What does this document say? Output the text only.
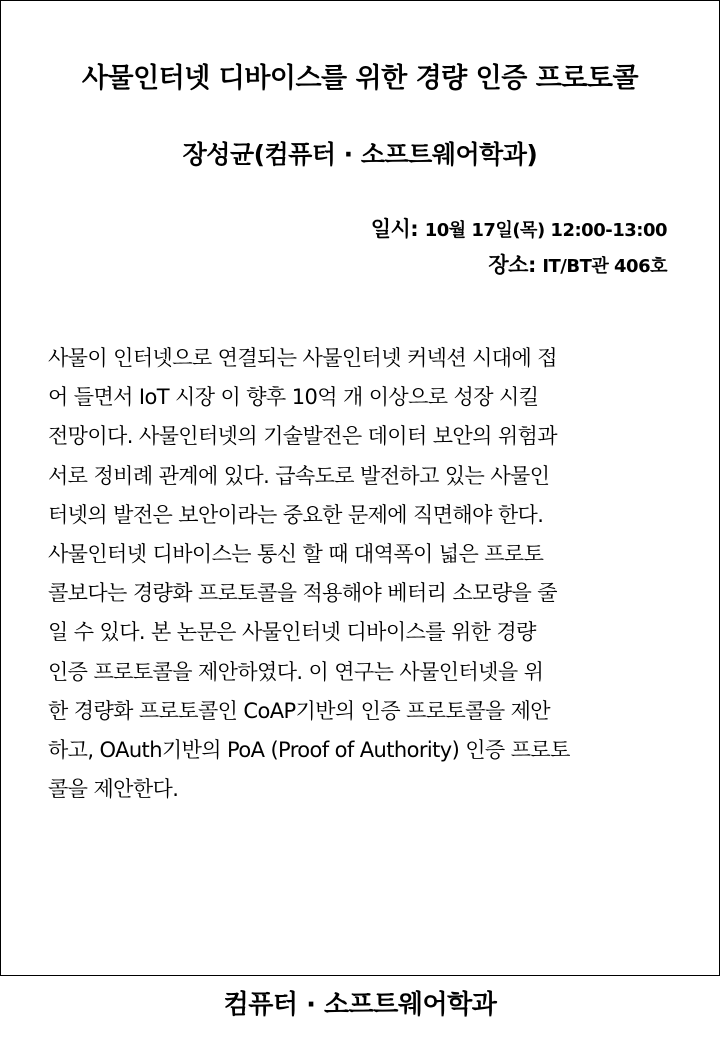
사물인터넷 디바이스를 위한 경량 인증 프로토콜
장성균(컴퓨터 · 소프트웨어학과)
일시: 10월 17일(목) 12:00-13:00
장소: IT/BT관 406호
사물이 인터넷으로 연결되는 사물인터넷 커넥션 시대에 접
어 들면서 IoT 시장 이 향후 10억 개 이상으로 성장 시킬
전망이다. 사물인터넷의 기술발전은 데이터 보안의 위험과
서로 정비례 관계에 있다. 급속도로 발전하고 있는 사물인
터넷의 발전은 보안이라는 중요한 문제에 직면해야 한다.
사물인터넷 디바이스는 통신 할 때 대역폭이 넓은 프로토
콜보다는 경량화 프로토콜을 적용해야 베터리 소모량을 줄
일 수 있다. 본 논문은 사물인터넷 디바이스를 위한 경량
인증 프로토콜을 제안하였다. 이 연구는 사물인터넷을 위
한 경량화 프로토콜인 CoAP기반의 인증 프로토콜을 제안
하고, OAuth기반의 PoA (Proof of Authority) 인증 프로토
콜을 제안한다.
컴퓨터 · 소프트웨어학과
